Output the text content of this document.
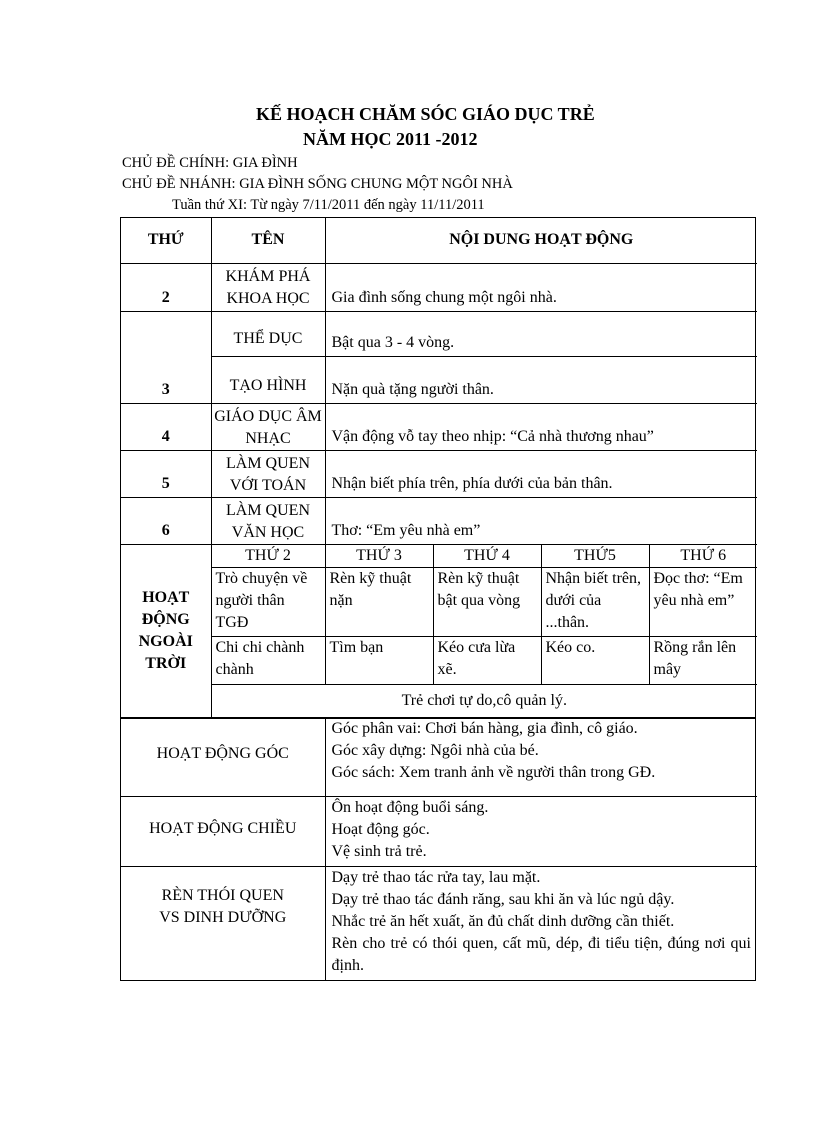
KẾ HOẠCH CHĂM SÓC GIÁO DỤC TRẺ
NĂM HỌC 2011 -2012
CHỦ ĐỀ CHÍNH: GIA ĐÌNH
CHỦ ĐỀ NHÁNH: GIA ĐÌNH SỐNG CHUNG MỘT NGÔI NHÀ
Tuần thứ XI: Từ ngày 7/11/2011 đến ngày 11/11/2011
THỨ	TÊN	NỘI DUNG HOẠT ĐỘNG			
2	KHÁM PHÁ KHOA HỌC	Gia đình sống chung một ngôi nhà.			
3	THỂ DỤC	Bật qua 3 - 4 vòng.			
	TẠO HÌNH	Nặn quà tặng người thân.			
4	GIÁO DỤC ÂM NHẠC	Vận động vỗ tay theo nhịp: “Cả nhà thương nhau”			
5	LÀM QUEN VỚI TOÁN	Nhận biết phía trên, phía dưới của bản thân.			
6	LÀM QUEN VĂN HỌC	Thơ: “Em yêu nhà em”			
HOẠT ĐỘNG NGOÀI TRỜI	THỨ 2	THỨ 3	THỨ 4	THỨ5	THỨ 6
	Trò chuyện về người thân TGĐ	Rèn kỹ thuật nặn	Rèn kỹ thuật bật qua vòng	Nhận biết trên, dưới của ...thân.	Đọc thơ: “Em yêu nhà em”
	Chi chi chành chành	Tìm bạn	Kéo cưa lừa xẽ.	Kéo co.	Rồng rắn lên mây
	Trẻ chơi tự do,cô quản lý.				
HOẠT ĐỘNG GÓC	Góc phân vai: Chơi bán hàng, gia đình, cô giáo.
Góc xây dựng: Ngôi nhà của bé.
Góc sách: Xem tranh ảnh về người thân trong GĐ.

HOẠT ĐỘNG CHIỀU	Ôn hoạt động buổi sáng.
Hoạt động góc.
Vệ sinh trả trẻ.

RÈN THÓI QUEN VS DINH DƯỠNG	Dạy trẻ thao tác rửa tay, lau mặt.
Dạy trẻ thao tác đánh răng, sau khi ăn và lúc ngủ dậy.
Nhắc trẻ ăn hết xuất, ăn đủ chất dinh dưỡng cần thiết.
Rèn cho trẻ có thói quen, cất mũ, dép, đi tiểu tiện, đúng nơi qui định.
